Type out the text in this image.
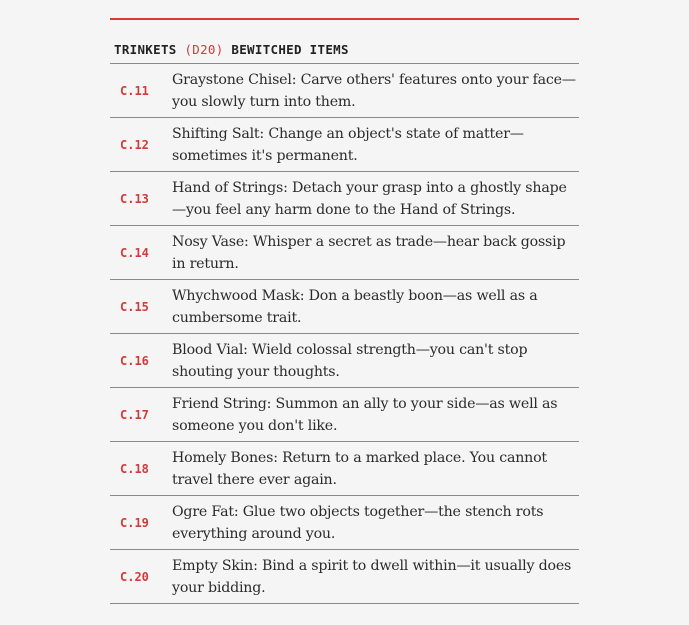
TRINKETS (D20) BEWITCHED ITEMS
C.11
Graystone Chisel: Carve others' features onto your face—you slowly turn into them.
C.12
Shifting Salt: Change an object's state of matter—sometimes it's permanent.
C.13
Hand of Strings: Detach your grasp into a ghostly shape—you feel any harm done to the Hand of Strings.
C.14
Nosy Vase: Whisper a secret as trade—hear back gossip in return.
C.15
Whychwood Mask: Don a beastly boon—as well as a cumbersome trait.
C.16
Blood Vial: Wield colossal strength—you can't stop shouting your thoughts.
C.17
Friend String: Summon an ally to your side—as well as someone you don't like.
C.18
Homely Bones: Return to a marked place. You cannot travel there ever again.
C.19
Ogre Fat: Glue two objects together—the stench rots everything around you.
C.20
Empty Skin: Bind a spirit to dwell within—it usually does your bidding.
